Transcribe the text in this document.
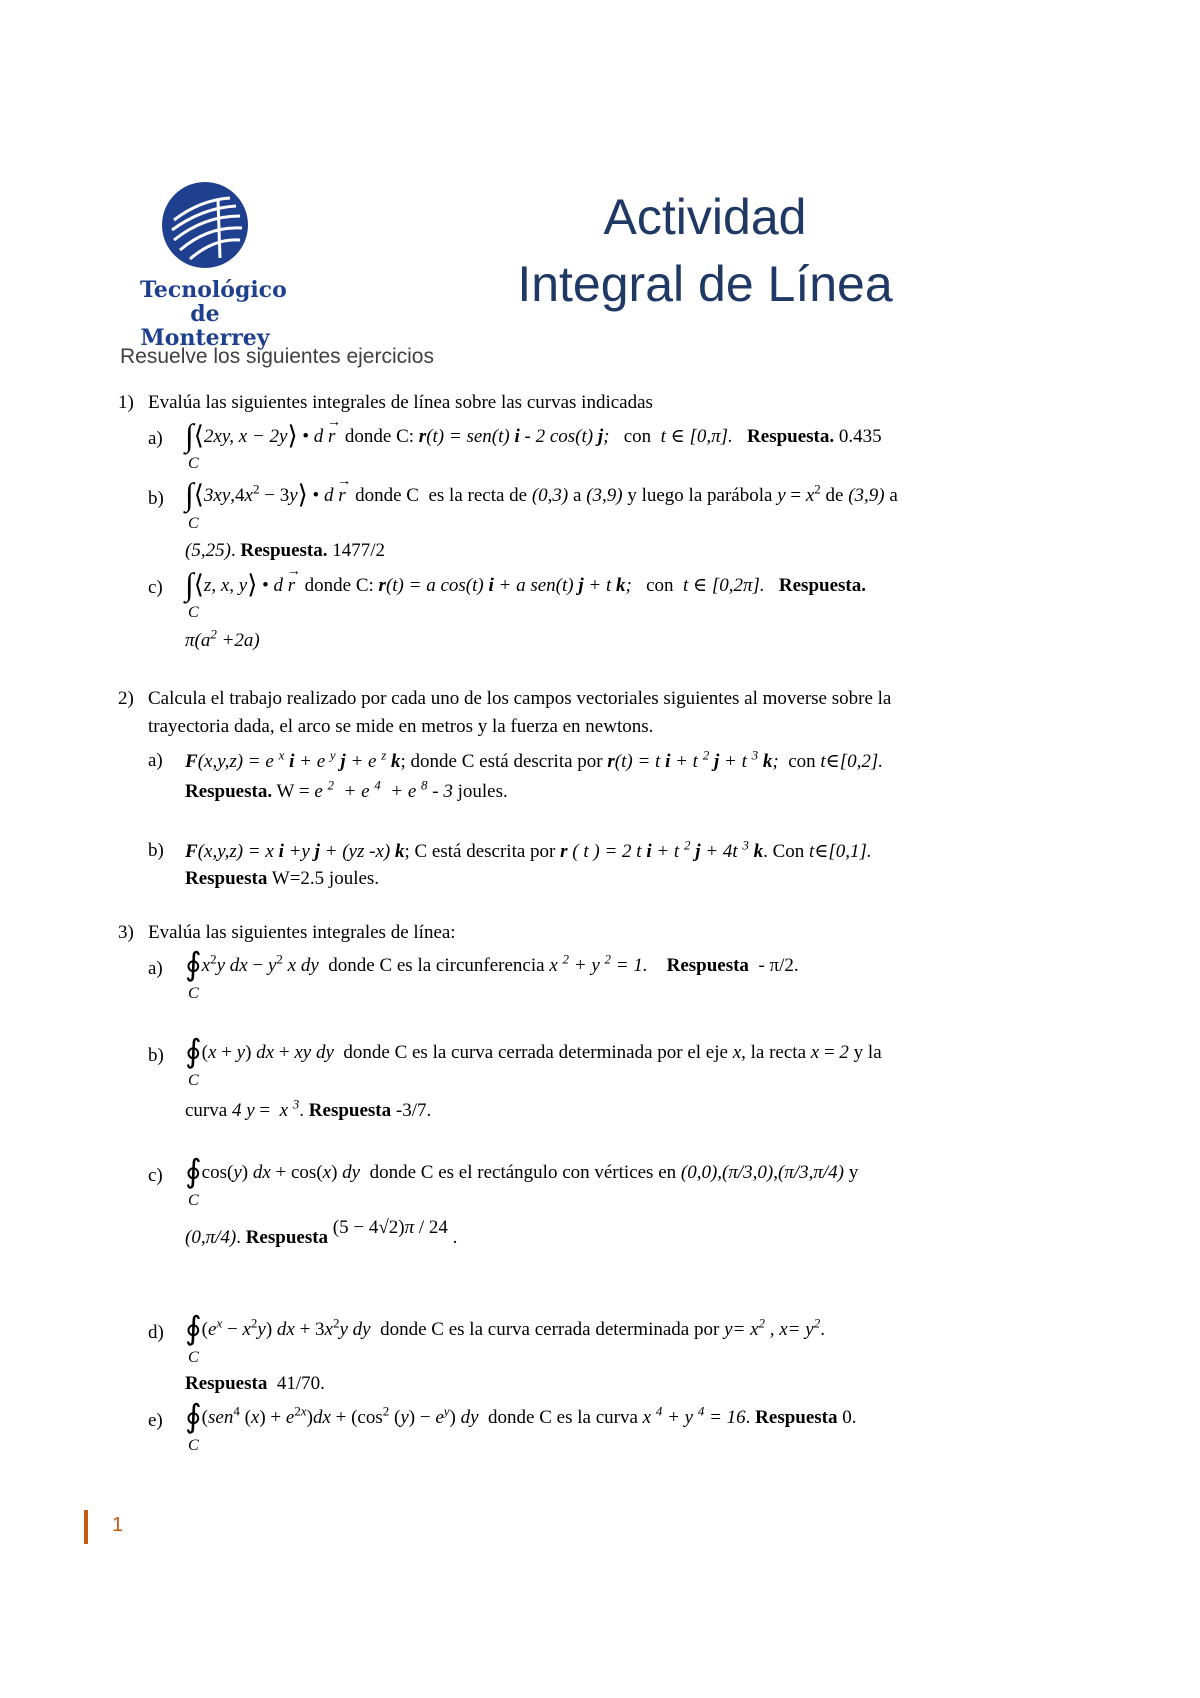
Tecnológico
de Monterrey
Actividad
Integral de Línea
Resuelve los siguientes ejercicios
1) Evalúa las siguientes integrales de línea sobre las curvas indicadas
a) ∫⟨2xy, x − 2y⟩ • d → r  donde C: r(t) = sen(t) i - 2 cos(t) j;   con  t ∈ [0,π]. Respuesta. 0.435
C
b) $\int⟨3xy,4x^2$ − 3y⟩ • d → r  donde C  es la recta de (0,3) a (3,9) y luego la parábola $y = x^2$ de (3,9) a
C
(5,25). Respuesta. 1477/2
c) ∫⟨z, x, y⟩ • d → r  donde C: r(t) = a cos(t) i + a sen(t) j + t k;   con  t ∈ [0,2π]. Respuesta.
C
$\pi(a^2 +2a)$
2) Calcula el trabajo realizado por cada uno de los campos vectoriales siguientes al moverse sobre la
trayectoria dada, el arco se mide en metros y la fuerza en newtons.
a) F(x,y,z) = e $^x$ i + e $^y$ j + e $^z$ k; donde C está descrita por r(t) = t i + t $^2$ j + t $^3$ k;  con t∈[0,2].
Respuesta. W = e $^2$ + e $^4$ + e $^8$ - 3 joules.
b) F(x,y,z) = x i +y j + (yz -x) k; C está descrita por r ( t ) = 2 t i + t $^2$ j + 4t $^3$ k. Con t∈[0,1].
Respuesta W=2.5 joules.
3) Evalúa las siguientes integrales de línea:
a) $∮x^2y$ dx − $y^2$ x dy  donde C es la circunferencia x $^2$ + y $^2$ = 1. Respuesta - π/2.
C
b) ∮(x + y) dx + xy dy  donde C es la curva cerrada determinada por el eje x, la recta x = 2 y la
C
curva 4 y =  x $^3$. Respuesta -3/7.
c) ∮cos(y) dx + cos(x) dy  donde C es el rectángulo con vértices en (0,0),(π/3,0),(π/3,π/4) y
C
(0,π/4). Respuesta (5 − 4√2)π / 24 .
d) $∮(e^x - x^2y)$ dx + $3x^2y$ dy  donde C es la curva cerrada determinada por $y= x^2$ , $x= y^2$.
C
Respuesta 41/70.
e) ∮(sen$^4$ $(x) + e^{2x})dx + (\cos^2$ $(y) - e^y$) dy  donde C es la curva x $^4$ + y $^4$ = 16. Respuesta 0.
C
1
